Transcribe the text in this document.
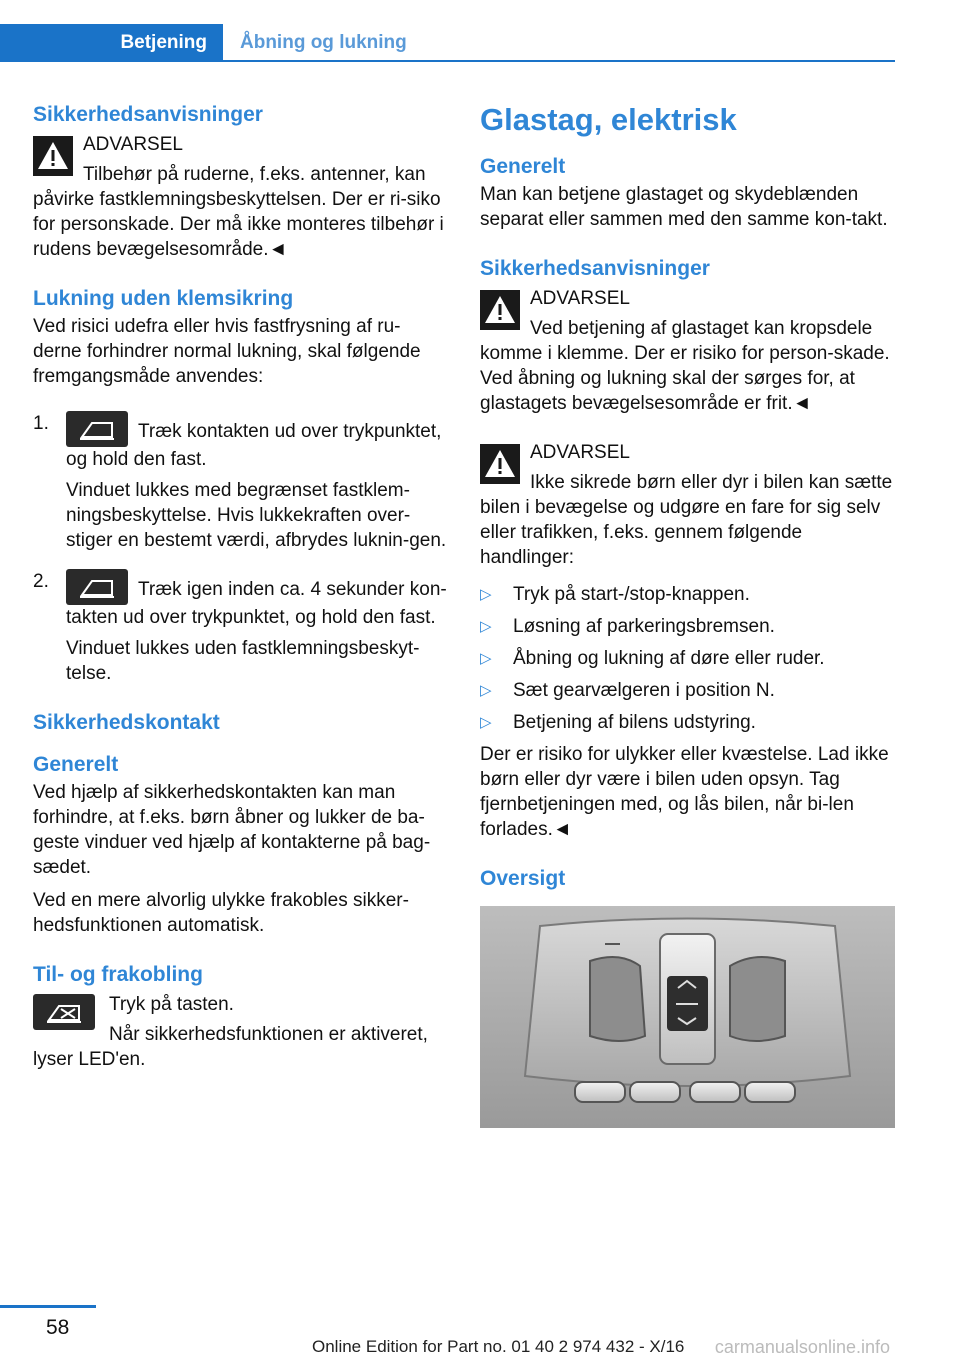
Betjening Åbning og lukning
Sikkerhedsanvisninger

ADVARSEL

Tilbehør på ruderne, f.eks. antenner, kan påvirke fastklemningsbeskyttelsen. Der er ri-siko for personskade. Der må ikke monteres tilbehør i rudens bevægelsesområde.◄

Lukning uden klemsikring

Ved risici udefra eller hvis fastfrysning af ru-derne forhindrer normal lukning, skal følgende fremgangsmåde anvendes:

1.	Træk kontakten ud over trykpunktet, og hold den fast.
Vinduet lukkes med begrænset fastklem-ningsbeskyttelse. Hvis lukkekraften over-stiger en bestemt værdi, afbrydes luknin-gen.
2.	Træk igen inden ca. 4 sekunder kon-takten ud over trykpunktet, og hold den fast.
Vinduet lukkes uden fastklemningsbeskyt-telse.
Sikkerhedskontakt
Generelt

Ved hjælp af sikkerhedskontakten kan man forhindre, at f.eks. børn åbner og lukker de ba-geste vinduer ved hjælp af kontakterne på bag-sædet.

Ved en mere alvorlig ulykke frakobles sikker-hedsfunktionen automatisk.

Til- og frakobling

Tryk på tasten.

Når sikkerhedsfunktionen er aktiveret, lyser LED'en.

Glastag, elektrisk
Generelt

Man kan betjene glastaget og skydeblænden separat eller sammen med den samme kon-takt.

Sikkerhedsanvisninger

ADVARSEL

Ved betjening af glastaget kan kropsdele komme i klemme. Der er risiko for person-skade. Ved åbning og lukning skal der sørges for, at glastagets bevægelsesområde er frit.◄

ADVARSEL

Ikke sikrede børn eller dyr i bilen kan sætte bilen i bevægelse og udgøre en fare for sig selv eller trafikken, f.eks. gennem følgende handlinger:

▷ Tryk på start-/stop-knappen.
▷ Løsning af parkeringsbremsen.
▷ Åbning og lukning af døre eller ruder.
▷ Sæt gearvælgeren i position N.
▷ Betjening af bilens udstyring.

Der er risiko for ulykker eller kvæstelse. Lad ikke børn eller dyr være i bilen uden opsyn. Tag fjernbetjeningen med, og lås bilen, når bi-len forlades.◄

Oversigt
58
Online Edition for Part no. 01 40 2 974 432 - X/16 carmanualsonline.info
